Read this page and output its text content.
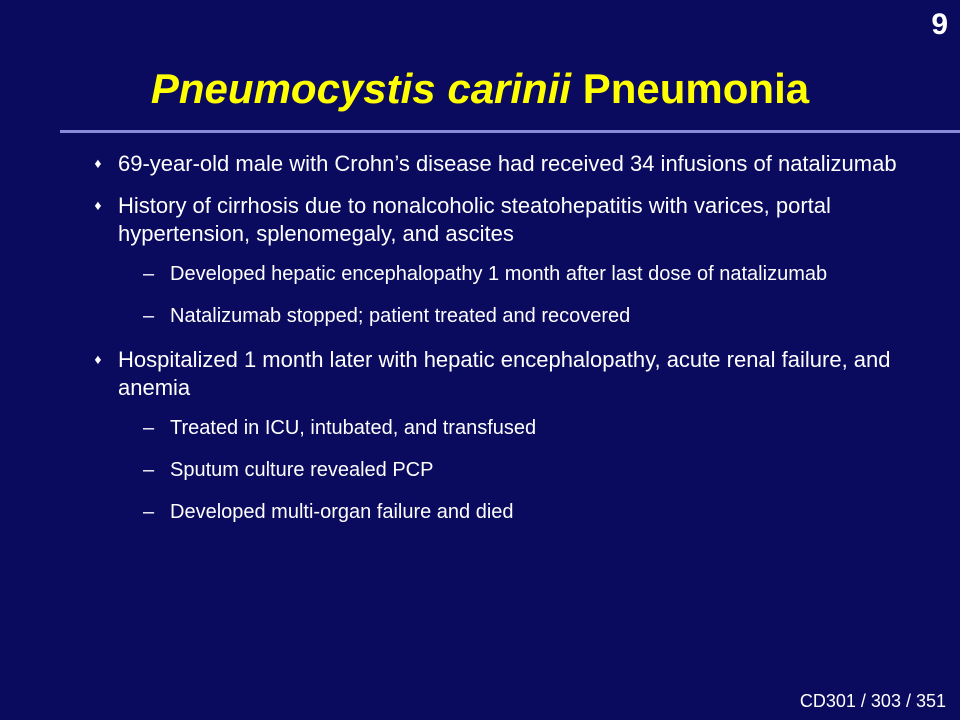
9
Pneumocystis carinii Pneumonia
♦ 69-year-old male with Crohn’s disease had received 34 infusions of natalizumab
♦ History of cirrhosis due to nonalcoholic steatohepatitis with varices, portal hypertension, splenomegaly, and ascites
– Developed hepatic encephalopathy 1 month after last dose of natalizumab
– Natalizumab stopped; patient treated and recovered
♦ Hospitalized 1 month later with hepatic encephalopathy, acute renal failure, and anemia
– Treated in ICU, intubated, and transfused
– Sputum culture revealed PCP
– Developed multi-organ failure and died
CD301 / 303 / 351
